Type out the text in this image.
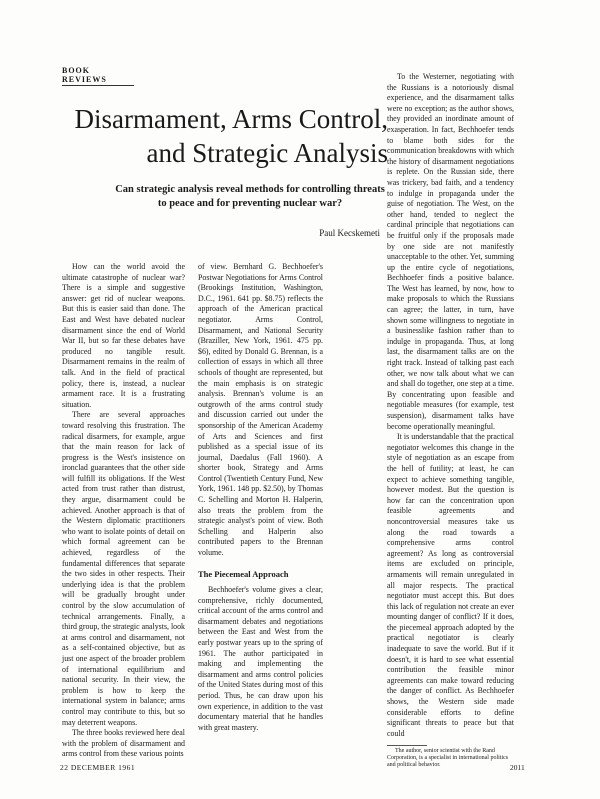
BOOK REVIEWS
Disarmament, Arms Control, and Strategic Analysis
Can strategic analysis reveal methods for controlling threats to peace and for preventing nuclear war?
Paul Kecskemeti

How can the world avoid the ultimate catastrophe of nuclear war? There is a simple and suggestive answer: get rid of nuclear weapons. But this is easier said than done. The East and West have debated nuclear disarmament since the end of World War II, but so far these debates have produced no tangible result. Disarmament remains in the realm of talk. And in the field of practical policy, there is, instead, a nuclear armament race. It is a frustrating situation.

There are several approaches toward resolving this frustration. The radical disarmers, for example, argue that the main reason for lack of progress is the West's insistence on ironclad guarantees that the other side will fulfill its obligations. If the West acted from trust rather than distrust, they argue, disarmament could be achieved. Another approach is that of the Western diplomatic practitioners who want to isolate points of detail on which formal agreement can be achieved, regardless of the fundamental differences that separate the two sides in other respects. Their underlying idea is that the problem will be gradually brought under control by the slow accumulation of technical arrangements. Finally, a third group, the strategic analysts, look at arms control and disarmament, not as a self-contained objective, but as just one aspect of the broader problem of international equilibrium and national security. In their view, the problem is how to keep the international system in balance; arms control may contribute to this, but so may deterrent weapons.

The three books reviewed here deal with the problem of disarmament and arms control from these various points

of view. Bernhard G. Bechhoefer's Postwar Negotiations for Arms Control (Brookings Institution, Washington, D.C., 1961. 641 pp. $8.75) reflects the approach of the American practical negotiator. Arms Control, Disarmament, and National Security (Braziller, New York, 1961. 475 pp. $6), edited by Donald G. Brennan, is a collection of essays in which all three schools of thought are represented, but the main emphasis is on strategic analysis. Brennan's volume is an outgrowth of the arms control study and discussion carried out under the sponsorship of the American Academy of Arts and Sciences and first published as a special issue of its journal, Daedalus (Fall 1960). A shorter book, Strategy and Arms Control (Twentieth Century Fund, New York, 1961. 148 pp. $2.50), by Thomas C. Schelling and Morton H. Halperin, also treats the problem from the strategic analyst's point of view. Both Schelling and Halperin also contributed papers to the Brennan volume.

The Piecemeal Approach

Bechhoefer's volume gives a clear, comprehensive, richly documented, critical account of the arms control and disarmament debates and negotiations between the East and West from the early postwar years up to the spring of 1961. The author participated in making and implementing the disarmament and arms control policies of the United States during most of this period. Thus, he can draw upon his own experience, in addition to the vast documentary material that he handles with great mastery.

To the Westerner, negotiating with the Russians is a notoriously dismal experience, and the disarmament talks were no exception; as the author shows, they provided an inordinate amount of exasperation. In fact, Bechhoefer tends to blame both sides for the communication breakdowns with which the history of disarmament negotiations is replete. On the Russian side, there was trickery, bad faith, and a tendency to indulge in propaganda under the guise of negotiation. The West, on the other hand, tended to neglect the cardinal principle that negotiations can be fruitful only if the proposals made by one side are not manifestly unacceptable to the other. Yet, summing up the entire cycle of negotiations, Bechhoefer finds a positive balance. The West has learned, by now, how to make proposals to which the Russians can agree; the latter, in turn, have shown some willingness to negotiate in a businesslike fashion rather than to indulge in propaganda. Thus, at long last, the disarmament talks are on the right track. Instead of talking past each other, we now talk about what we can and shall do together, one step at a time. By concentrating upon feasible and negotiable measures (for example, test suspension), disarmament talks have become operationally meaningful.

It is understandable that the practical negotiator welcomes this change in the style of negotiation as an escape from the hell of futility; at least, he can expect to achieve something tangible, however modest. But the question is how far can the concentration upon feasible agreements and noncontroversial measures take us along the road towards a comprehensive arms control agreement? As long as controversial items are excluded on principle, armaments will remain unregulated in all major respects. The practical negotiator must accept this. But does this lack of regulation not create an ever mounting danger of conflict? If it does, the piecemeal approach adopted by the practical negotiator is clearly inadequate to save the world. But if it doesn't, it is hard to see what essential contribution the feasible minor agreements can make toward reducing the danger of conflict. As Bechhoefer shows, the Western side made considerable efforts to define significant threats to peace but that could

The author, senior scientist with the Rand Corporation, is a specialist in international politics and political behavior.
22 DECEMBER 1961	2011
